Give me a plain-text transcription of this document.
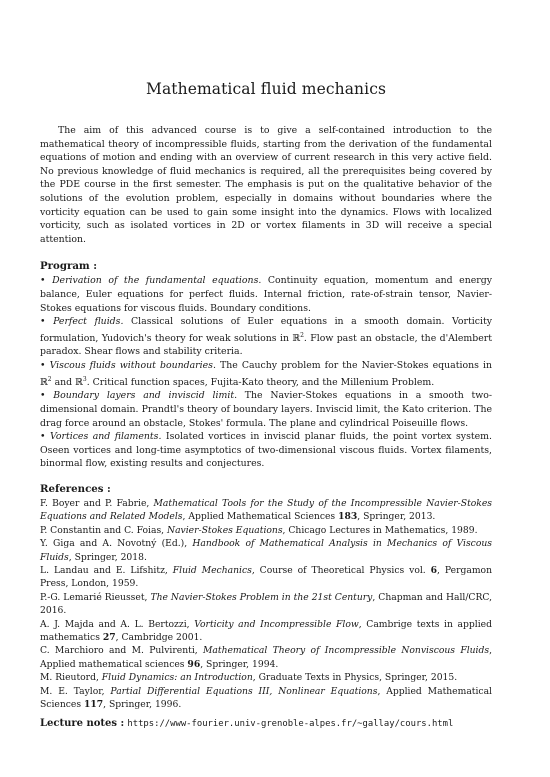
Mathematical fluid mechanics

The aim of this advanced course is to give a self-contained introduction to the mathematical theory of incompressible fluids, starting from the derivation of the fundamental equations of motion and ending with an overview of current research in this very active field. No previous knowledge of fluid mechanics is required, all the prerequisites being covered by the PDE course in the first semester. The emphasis is put on the qualitative behavior of the solutions of the evolution problem, especially in domains without boundaries where the vorticity equation can be used to gain some insight into the dynamics. Flows with localized vorticity, such as isolated vortices in 2D or vortex filaments in 3D will receive a special attention.

Program :

• Derivation of the fundamental equations. Continuity equation, momentum and energy balance, Euler equations for perfect fluids. Internal friction, rate-of-strain tensor, Navier-Stokes equations for viscous fluids. Boundary conditions.

• Perfect fluids. Classical solutions of Euler equations in a smooth domain. Vorticity formulation, Yudovich's theory for weak solutions in ℝ$^2$. Flow past an obstacle, the d'Alembert paradox. Shear flows and stability criteria.

• Viscous fluids without boundaries. The Cauchy problem for the Navier-Stokes equations in ℝ$^2$ and ℝ$^3$. Critical function spaces, Fujita-Kato theory, and the Millenium Problem.

• Boundary layers and inviscid limit. The Navier-Stokes equations in a smooth two-dimensional domain. Prandtl's theory of boundary layers. Inviscid limit, the Kato criterion. The drag force around an obstacle, Stokes' formula. The plane and cylindrical Poiseuille flows.

• Vortices and filaments. Isolated vortices in inviscid planar fluids, the point vortex system. Oseen vortices and long-time asymptotics of two-dimensional viscous fluids. Vortex filaments, binormal flow, existing results and conjectures.

References :

F. Boyer and P. Fabrie, Mathematical Tools for the Study of the Incompressible Navier-Stokes Equations and Related Models, Applied Mathematical Sciences 183, Springer, 2013.

P. Constantin and C. Foias, Navier-Stokes Equations, Chicago Lectures in Mathematics, 1989.

Y. Giga and A. Novotný (Ed.), Handbook of Mathematical Analysis in Mechanics of Viscous Fluids, Springer, 2018.

L. Landau and E. Lifshitz, Fluid Mechanics, Course of Theoretical Physics vol. 6, Pergamon Press, London, 1959.

P.-G. Lemarié Rieusset, The Navier-Stokes Problem in the 21st Century, Chapman and Hall/CRC, 2016.

A. J. Majda and A. L. Bertozzi, Vorticity and Incompressible Flow, Cambrige texts in applied mathematics 27, Cambridge 2001.

C. Marchioro and M. Pulvirenti, Mathematical Theory of Incompressible Nonviscous Fluids, Applied mathematical sciences 96, Springer, 1994.

M. Rieutord, Fluid Dynamics: an Introduction, Graduate Texts in Physics, Springer, 2015.

M. E. Taylor, Partial Differential Equations III, Nonlinear Equations, Applied Mathematical Sciences 117, Springer, 1996.

Lecture notes : https://www-fourier.univ-grenoble-alpes.fr/~gallay/cours.html
